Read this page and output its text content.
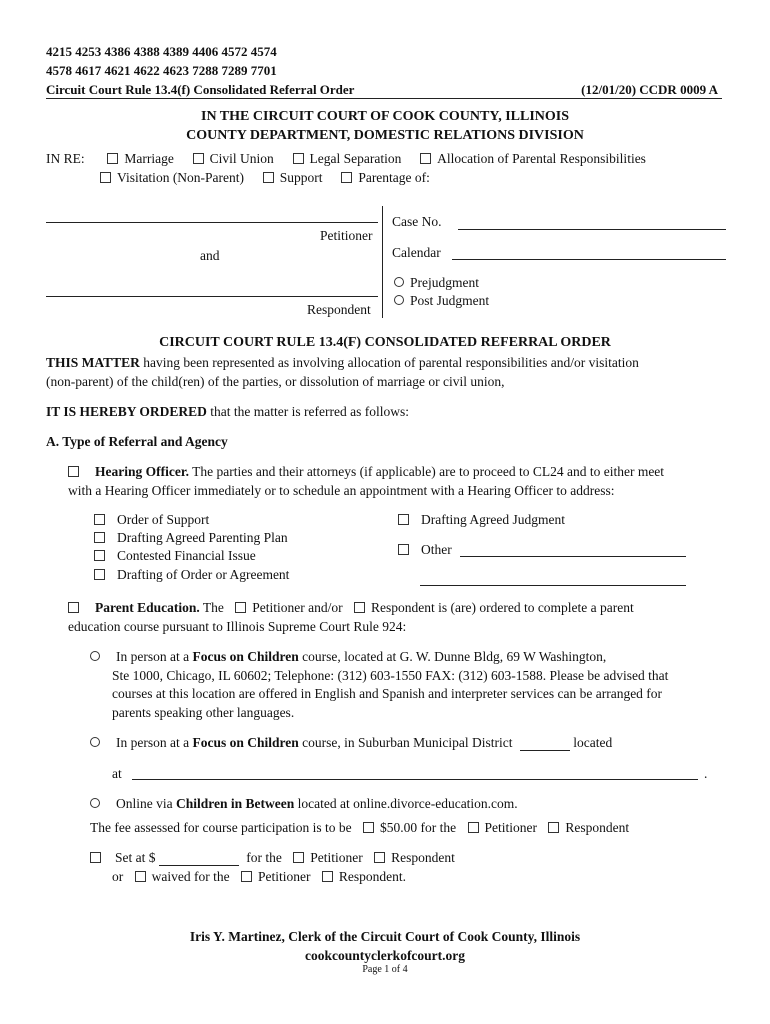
4215 4253 4386 4388 4389 4406 4572 4574
4578 4617 4621 4622 4623 7288 7289 7701
Circuit Court Rule 13.4(f) Consolidated Referral Order	(12/01/20) CCDR 0009 A
IN THE CIRCUIT COURT OF COOK COUNTY, ILLINOIS
COUNTY DEPARTMENT, DOMESTIC RELATIONS DIVISION
IN RE:	Marriage	Civil Union	Legal Separation	Allocation of Parental Responsibilities
Visitation (Non-Parent)	Support	Parentage of:
Petitioner
and
Respondent
Case No.
Calendar
Prejudgment
Post Judgment
CIRCUIT COURT RULE 13.4(F) CONSOLIDATED REFERRAL ORDER
THIS MATTER having been represented as involving allocation of parental responsibilities and/or visitation
(non-parent) of the child(ren) of the parties, or dissolution of marriage or civil union,
IT IS HEREBY ORDERED that the matter is referred as follows:
A. Type of Referral and Agency
Hearing Officer. The parties and their attorneys (if applicable) are to proceed to CL24 and to either meet
with a Hearing Officer immediately or to schedule an appointment with a Hearing Officer to address:
Order of Support
Drafting Agreed Parenting Plan
Contested Financial Issue
Drafting of Order or Agreement
Drafting Agreed Judgment
Other
Parent Education. The Petitioner and/or Respondent is (are) ordered to complete a parent
education course pursuant to Illinois Supreme Court Rule 924:
In person at a Focus on Children course, located at G. W. Dunne Bldg, 69 W Washington,
Ste 1000, Chicago, IL 60602; Telephone: (312) 603-1550 FAX: (312) 603-1588. Please be advised that
courses at this location are offered in English and Spanish and interpreter services can be arranged for
parents speaking other languages.
In person at a Focus on Children course, in Suburban Municipal District	located
at	.
Online via Children in Between located at online.divorce-education.com.
The fee assessed for course participation is to be $50.00 for the Petitioner Respondent
Set at $	for the Petitioner Respondent
or waived for the Petitioner Respondent.
Iris Y. Martinez, Clerk of the Circuit Court of Cook County, Illinois
cookcountyclerkofcourt.org
Page 1 of 4
